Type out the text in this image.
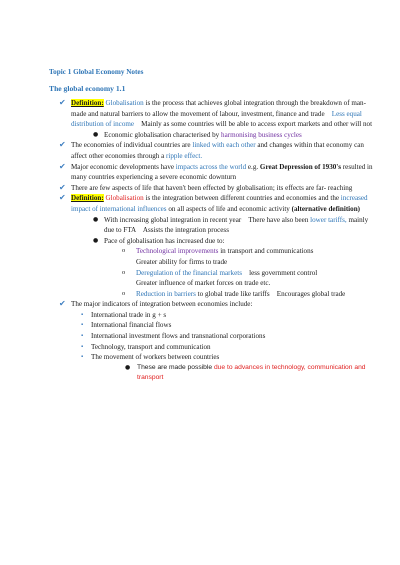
Topic 1 Global Economy Notes
The global economy 1.1
✔ Definition: Globalisation is the process that achieves global integration through the breakdown of man- made and natural barriers to allow the movement of labour, investment, finance and trade Less equal distribution of income Mainly as some countries will be able to access export markets and other will not
● Economic globalisation characterised by harmonising business cycles
✔ The economies of individual countries are linked with each other and changes within that economy can affect other economies through a ripple effect.
✔ Major economic developments have impacts across the world e.g. Great Depression of 1930's resulted in many countries experiencing a severe economic downturn
✔ There are few aspects of life that haven't been effected by globalisation; its effects are far- reaching
✔ Definition: Globalisation is the integration between different countries and economies and the increased impact of international influences on all aspects of life and economic activity (alternative definition)
● With increasing global integration in recent year There have also been lower tariffs, mainly due to FTA Assists the integration process
● Pace of globalisation has increased due to:
o Technological improvements in transport and communications
Greater ability for firms to trade
o Deregulation of the financial markets less government control
Greater influence of market forces on trade etc.
o Reduction in barriers to global trade like tariffs Encourages global trade
✔ The major indicators of integration between economies include:
▪ International trade in g + s
▪ International financial flows
▪ International investment flows and transnational corporations
▪ Technology, transport and communication
▪ The movement of workers between countries
● These are made possible due to advances in technology, communication and transport
